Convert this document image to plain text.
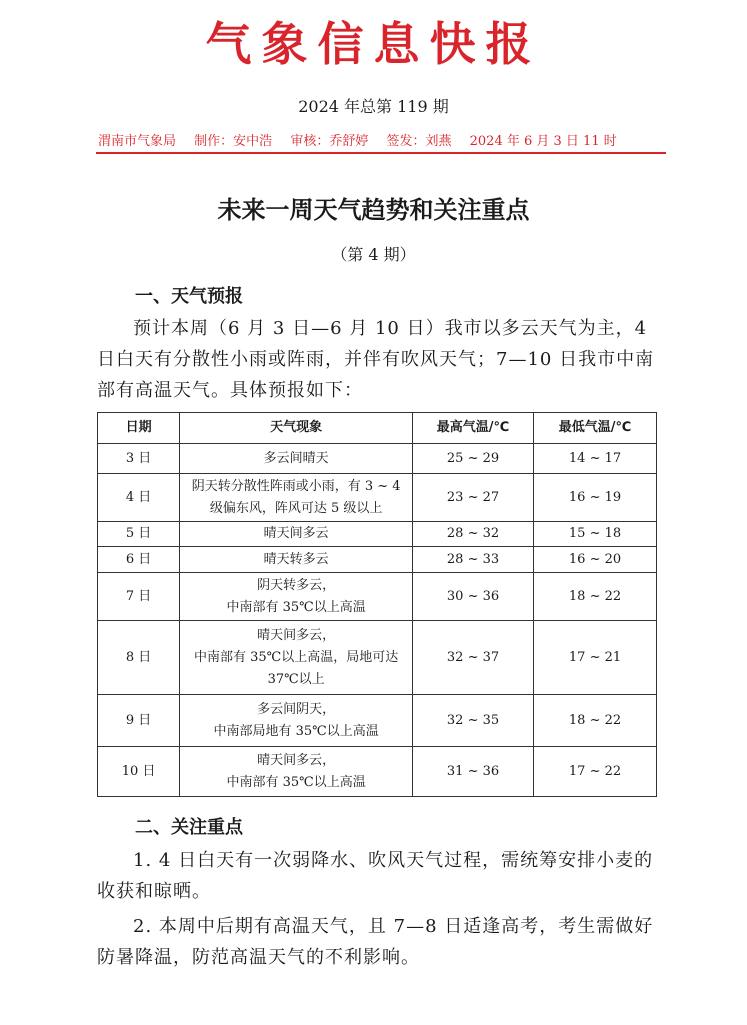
气象信息快报
2024 年总第 119 期
渭南市气象局 制作：安中浩 审核：乔舒婷 签发：刘燕 2024 年 6 月 3 日 11 时
未来一周天气趋势和关注重点
（第 4 期）
一、天气预报

预计本周（6 月 3 日—6 月 10 日）我市以多云天气为主，4 日白天有分散性小雨或阵雨，并伴有吹风天气；7—10 日我市中南部有高温天气。具体预报如下：

日期	天气现象	最高气温/℃	最低气温/℃
3 日	多云间晴天	25 ~ 29	14 ~ 17
4 日	阴天转分散性阵雨或小雨，有 3 ~ 4 级偏东风，阵风可达 5 级以上	23 ~ 27	16 ~ 19
5 日	晴天间多云	28 ~ 32	15 ~ 18
6 日	晴天转多云	28 ~ 33	16 ~ 20
7 日	阴天转多云，
中南部有 35℃以上高温	30 ~ 36	18 ~ 22
8 日	晴天间多云，
中南部有 35℃以上高温，局地可达 37℃以上	32 ~ 37	17 ~ 21
9 日	多云间阴天，
中南部局地有 35℃以上高温	32 ~ 35	18 ~ 22
10 日	晴天间多云，
中南部有 35℃以上高温	31 ~ 36	17 ~ 22
二、关注重点

1. 4 日白天有一次弱降水、吹风天气过程，需统筹安排小麦的收获和晾晒。

2. 本周中后期有高温天气，且 7—8 日适逢高考，考生需做好防暑降温，防范高温天气的不利影响。
